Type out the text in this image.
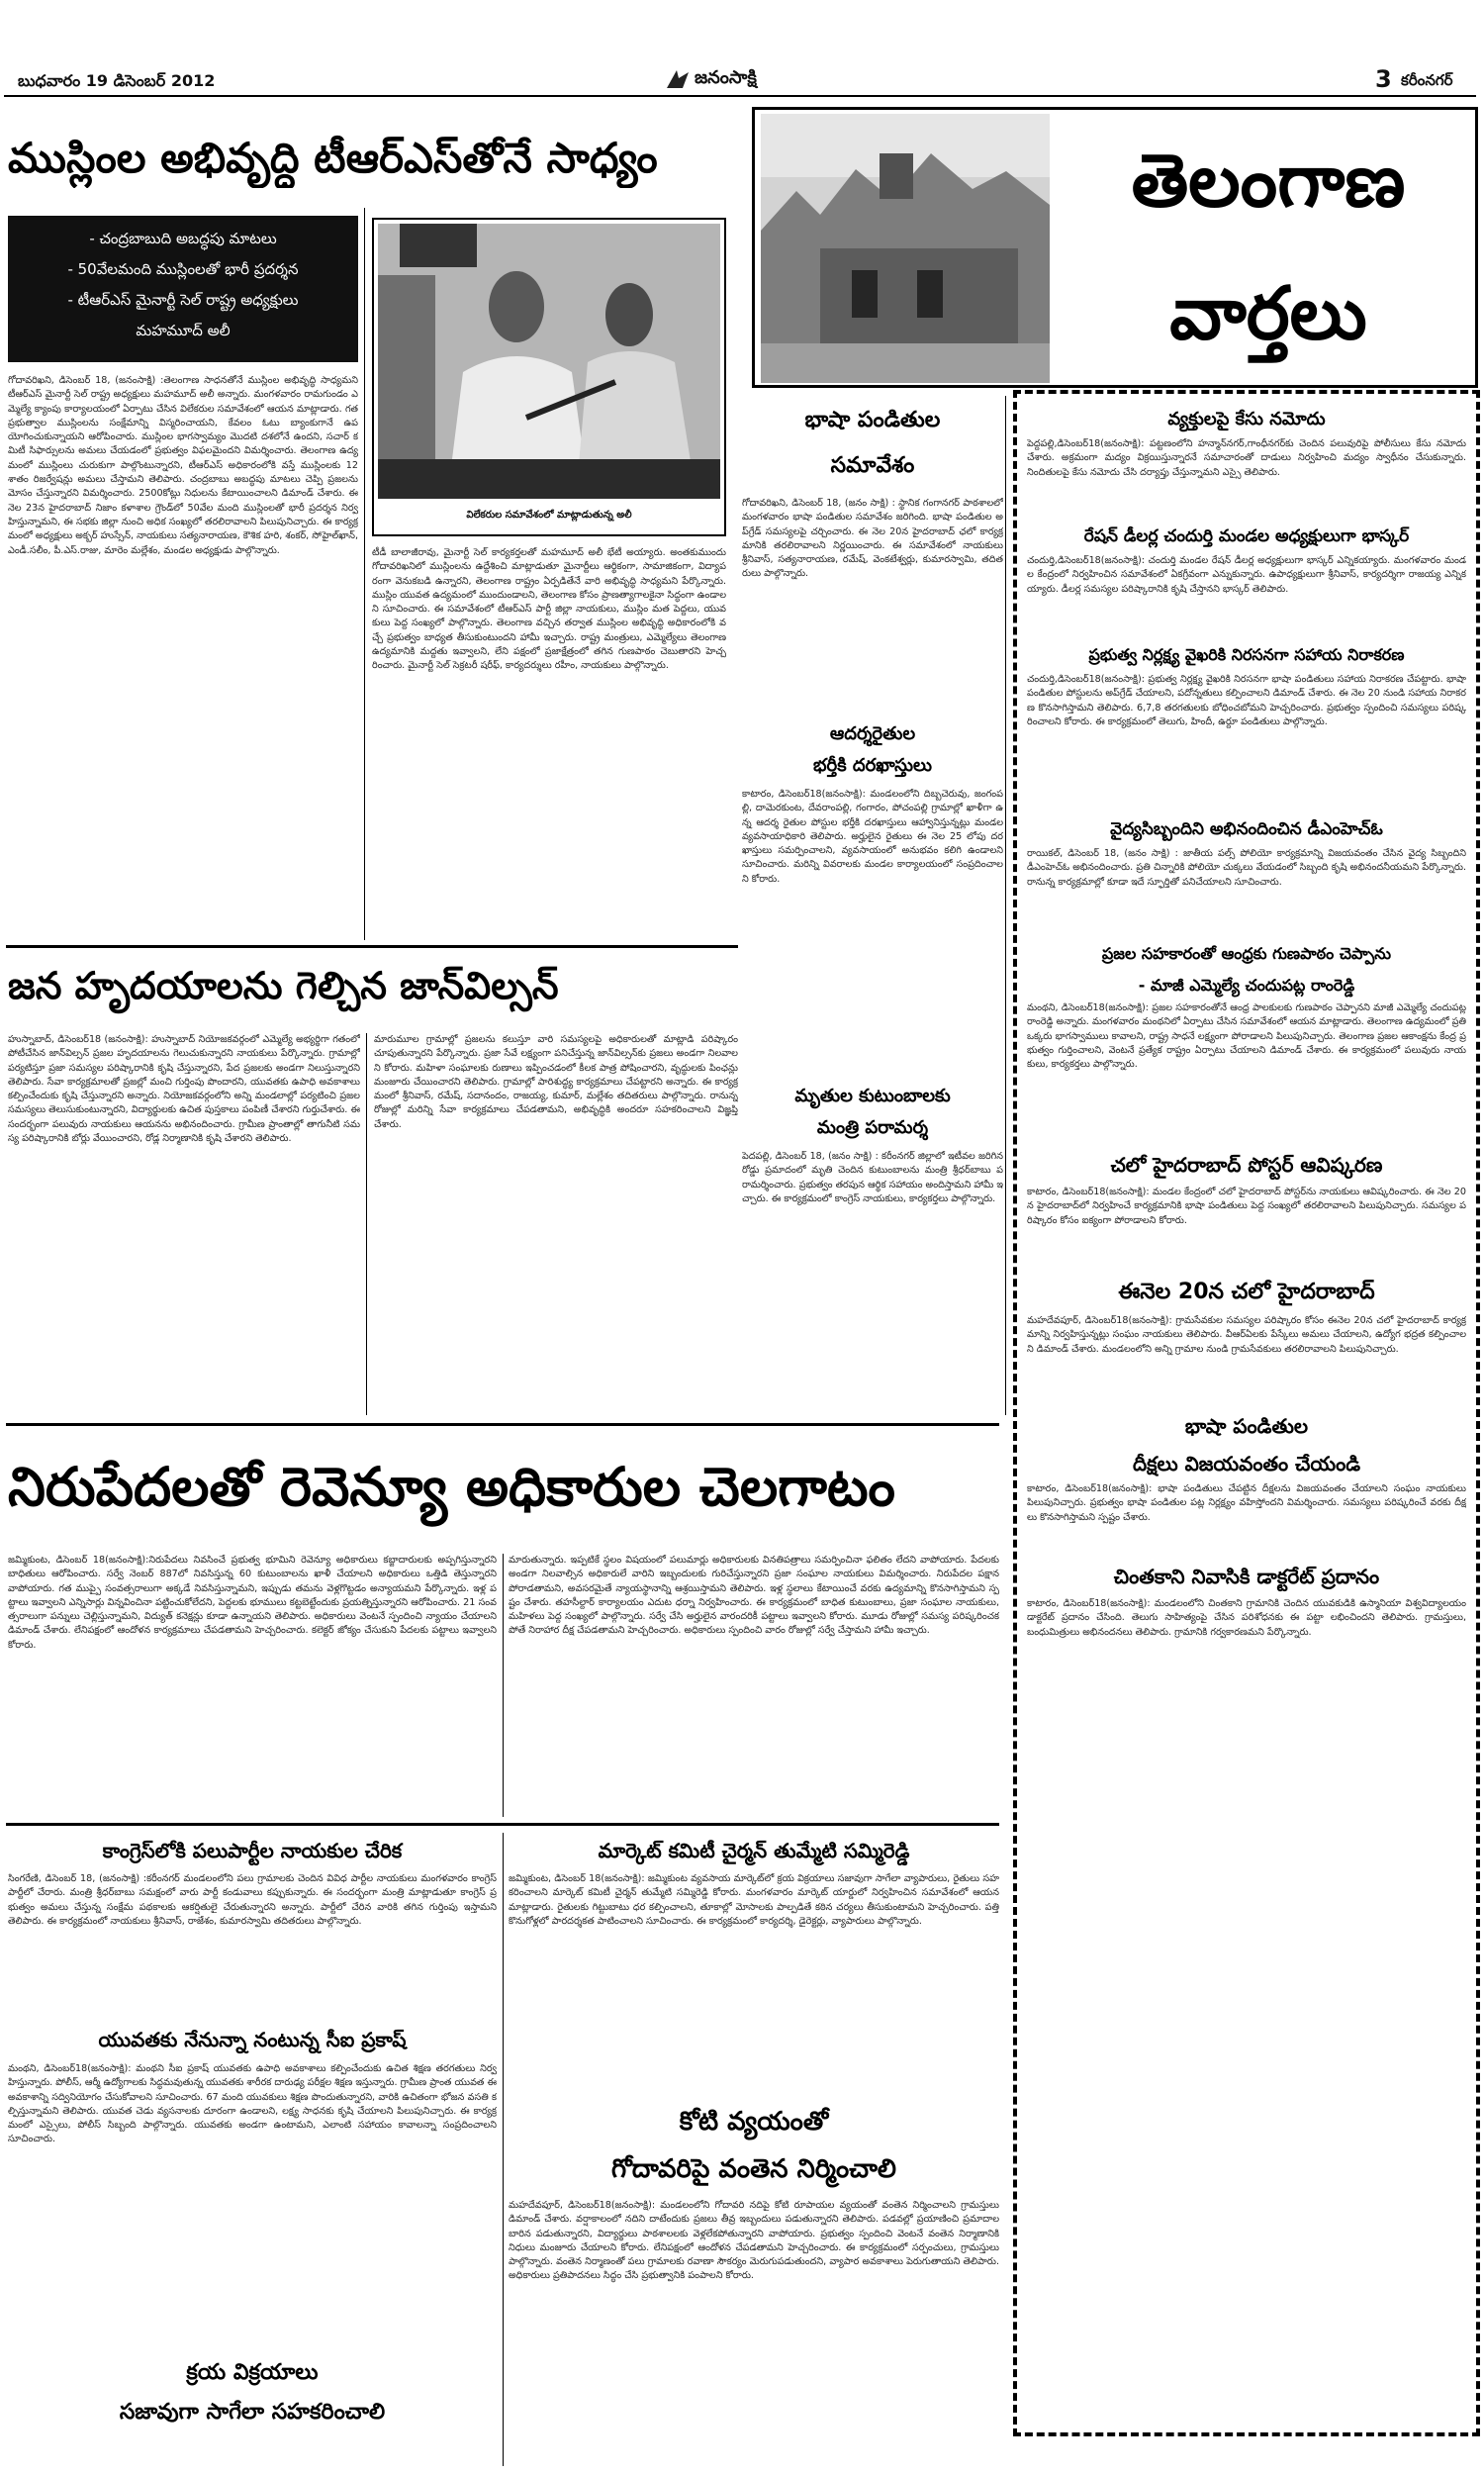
బుధవారం 19 డిసెంబర్ 2012	జనంసాక్షి	3 కరీంనగర్
ముస్లింల అభివృద్ధి టీఆర్‌ఎస్‌తోనే సాధ్యం
- చంద్రబాబుది అబద్ధపు మాటలు
- 50వేలమంది ముస్లింలతో భారీ ప్రదర్శన
- టీఆర్‌ఎస్ మైనార్టీ సెల్ రాష్ట్ర అధ్యక్షులు
మహమూద్ అలీ
విలేకరుల సమావేశంలో మాట్లాడుతున్న అలీ
గోదావరిఖని, డిసెంబర్ 18, (జనంసాక్షి) :తెలంగాణ సాధనతోనే ముస్లింల అభివృద్ధి సాధ్యమని టీఆర్‌ఎస్ మైనార్టీ సెల్ రాష్ట్ర అధ్యక్షులు మహమూద్ అలీ అన్నారు. మంగళవారం రామగుండం ఎమ్మెల్యే క్యాంపు కార్యాలయంలో ఏర్పాటు చేసిన విలేకరుల సమావేశంలో ఆయన మాట్లాడారు. గత ప్రభుత్వాల ముస్లింలను సంక్షేమాన్ని విస్మరించాయని, కేవలం ఓటు బ్యాంకుగానే ఉపయోగించుకున్నాయని ఆరోపించారు. ముస్లింల భాగస్వామ్యం మొదటి దశలోనే ఉందని, సచార్ కమిటీ సిఫార్సులను అమలు చేయడంలో ప్రభుత్వం విఫలమైందని విమర్శించారు. తెలంగాణ ఉద్యమంలో ముస్లింలు చురుకుగా పాల్గొంటున్నారని, టీఆర్‌ఎస్ అధికారంలోకి వస్తే ముస్లింలకు 12 శాతం రిజర్వేషన్లు అమలు చేస్తామని తెలిపారు. చంద్రబాబు అబద్ధపు మాటలు చెప్పి ప్రజలను మోసం చేస్తున్నారని విమర్శించారు. 2500కోట్లు నిధులను కేటాయించాలని డిమాండ్ చేశారు. ఈ నెల 23న హైదరాబాద్ నిజాం కళాశాల గ్రౌండ్‌లో 50వేల మంది ముస్లింలతో భారీ ప్రదర్శన నిర్వహిస్తున్నామని, ఈ సభకు జిల్లా నుంచి అధిక సంఖ్యలో తరలిరావాలని పిలుపునిచ్చారు. ఈ కార్యక్రమంలో అధ్యక్షులు అక్బర్ హుస్సేన్, నాయకులు సత్యనారాయణ, కౌశిక హరి, శంకర్, సోహైల్‌ఖాన్, ఎండీ.సలీం, పీ.ఎస్.రాజు, మారెం మల్లేశం, మండల అధ్యక్షుడు పాల్గొన్నారు.	టీడీ బాలాజీరావు, మైనార్టీ సెల్ కార్యకర్తలతో మహమూద్ అలీ భేటీ అయ్యారు. అంతకుముందు గోదావరిఖనిలో ముస్లింలను ఉద్దేశించి మాట్లాడుతూ మైనార్టీలు ఆర్థికంగా, సామాజికంగా, విద్యాపరంగా వెనుకబడి ఉన్నారని, తెలంగాణ రాష్ట్రం ఏర్పడితేనే వారి అభివృద్ధి సాధ్యమని పేర్కొన్నారు. ముస్లిం యువత ఉద్యమంలో ముందుండాలని, తెలంగాణ కోసం ప్రాణత్యాగాలకైనా సిద్ధంగా ఉండాలని సూచించారు. ఈ సమావేశంలో టీఆర్‌ఎస్ పార్టీ జిల్లా నాయకులు, ముస్లిం మత పెద్దలు, యువకులు పెద్ద సంఖ్యలో పాల్గొన్నారు. తెలంగాణ వచ్చిన తర్వాత ముస్లింల అభివృద్ధి అధికారంలోకి వచ్చే ప్రభుత్వం బాధ్యత తీసుకుంటుందని హామీ ఇచ్చారు. రాష్ట్ర మంత్రులు, ఎమ్మెల్యేలు తెలంగాణ ఉద్యమానికి మద్దతు ఇవ్వాలని, లేని పక్షంలో ప్రజాక్షేత్రంలో తగిన గుణపాఠం చెబుతారని హెచ్చరించారు. మైనార్టీ సెల్ సెక్రటరీ షరీఫ్, కార్యదర్శులు రహీం, నాయకులు పాల్గొన్నారు.
తెలంగాణ
వార్తలు
భాషా పండితుల
సమావేశం
గోదావరిఖని, డిసెంబర్ 18, (జనం సాక్షి) : స్థానిక గంగానగర్ పాఠశాలలో మంగళవారం భాషా పండితుల సమావేశం జరిగింది. భాషా పండితుల అప్‌గ్రేడ్ సమస్యలపై చర్చించారు. ఈ నెల 20న హైదరాబాద్ ఛలో కార్యక్రమానికి తరలిరావాలని నిర్ణయించారు. ఈ సమావేశంలో నాయకులు శ్రీనివాస్, సత్యనారాయణ, రమేష్, వెంకటేశ్వర్లు, కుమారస్వామి, తదితరులు పాల్గొన్నారు.
ఆదర్శరైతుల
భర్తీకి దరఖాస్తులు
కాటారం, డిసెంబర్18(జనంసాక్షి): మండలంలోని దిబ్బచెరువు, జంగంపల్లి, దామెరకుంట, దేవరాంపల్లి, గంగారం, పోచంపల్లి గ్రామాల్లో ఖాళీగా ఉన్న ఆదర్శ రైతుల పోస్టుల భర్తీకి దరఖాస్తులు ఆహ్వానిస్తున్నట్లు మండల వ్యవసాయాధికారి తెలిపారు. అర్హులైన రైతులు ఈ నెల 25 లోపు దరఖాస్తులు సమర్పించాలని, వ్యవసాయంలో అనుభవం కలిగి ఉండాలని సూచించారు. మరిన్ని వివరాలకు మండల కార్యాలయంలో సంప్రదించాలని కోరారు.
మృతుల కుటుంబాలకు
మంత్రి పరామర్శ
పెదపల్లి, డిసెంబర్ 18, (జనం సాక్షి) : కరీంనగర్ జిల్లాలో ఇటీవల జరిగిన రోడ్డు ప్రమాదంలో మృతి చెందిన కుటుంబాలను మంత్రి శ్రీధర్‌బాబు పరామర్శించారు. ప్రభుత్వం తరపున ఆర్థిక సహాయం అందిస్తామని హామీ ఇచ్చారు. ఈ కార్యక్రమంలో కాంగ్రెస్ నాయకులు, కార్యకర్తలు పాల్గొన్నారు.
జన హృదయాలను గెల్చిన జాన్‌విల్సన్
హుస్నాబాద్, డిసెంబర్18 (జనంసాక్షి): హుస్నాబాద్ నియోజకవర్గంలో ఎమ్మెల్యే అభ్యర్థిగా గతంలో పోటీచేసిన జాన్‌విల్సన్ ప్రజల హృదయాలను గెలుచుకున్నారని నాయకులు పేర్కొన్నారు. గ్రామాల్లో పర్యటిస్తూ ప్రజా సమస్యల పరిష్కారానికి కృషి చేస్తున్నారని, పేద ప్రజలకు అండగా నిలుస్తున్నారని తెలిపారు. సేవా కార్యక్రమాలతో ప్రజల్లో మంచి గుర్తింపు పొందారని, యువతకు ఉపాధి అవకాశాలు కల్పించేందుకు కృషి చేస్తున్నారని అన్నారు. నియోజకవర్గంలోని అన్ని మండలాల్లో పర్యటించి ప్రజల సమస్యలు తెలుసుకుంటున్నారని, విద్యార్థులకు ఉచిత పుస్తకాలు పంపిణీ చేశారని గుర్తుచేశారు. ఈ సందర్భంగా పలువురు నాయకులు ఆయనను అభినందించారు. గ్రామీణ ప్రాంతాల్లో తాగునీటి సమస్య పరిష్కారానికి బోర్లు వేయించారని, రోడ్ల నిర్మాణానికి కృషి చేశారని తెలిపారు.
మారుమూల గ్రామాల్లో ప్రజలను కలుస్తూ వారి సమస్యలపై అధికారులతో మాట్లాడి పరిష్కారం చూపుతున్నారని పేర్కొన్నారు. ప్రజా సేవే లక్ష్యంగా పనిచేస్తున్న జాన్‌విల్సన్‌కు ప్రజలు అండగా నిలవాలని కోరారు. మహిళా సంఘాలకు రుణాలు ఇప్పించడంలో కీలక పాత్ర పోషించారని, వృద్ధులకు పింఛన్లు మంజూరు చేయించారని తెలిపారు. గ్రామాల్లో పారిశుద్ధ్య కార్యక్రమాలు చేపట్టారని అన్నారు. ఈ కార్యక్రమంలో శ్రీనివాస్, రమేష్, సదానందం, రాజయ్య, కుమార్, మల్లేశం తదితరులు పాల్గొన్నారు. రానున్న రోజుల్లో మరిన్ని సేవా కార్యక్రమాలు చేపడతామని, అభివృద్ధికి అందరూ సహకరించాలని విజ్ఞప్తి చేశారు.
నిరుపేదలతో రెవెన్యూ అధికారుల చెలగాటం
జమ్మికుంట, డిసెంబర్ 18(జనంసాక్షి):నిరుపేదలు నివసించే ప్రభుత్వ భూమిని రెవెన్యూ అధికారులు కబ్జాదారులకు అప్పగిస్తున్నారని బాధితులు ఆరోపించారు. సర్వే నెంబర్ 887లో నివసిస్తున్న 60 కుటుంబాలను ఖాళీ చేయాలని అధికారులు ఒత్తిడి తెస్తున్నారని వాపోయారు. గత ముప్పై సంవత్సరాలుగా అక్కడే నివసిస్తున్నామని, ఇప్పుడు తమను వెళ్లగొట్టడం అన్యాయమని పేర్కొన్నారు. ఇళ్ల పట్టాలు ఇవ్వాలని ఎన్నిసార్లు విన్నవించినా పట్టించుకోలేదని, పెద్దలకు భూములు కట్టబెట్టేందుకు ప్రయత్నిస్తున్నారని ఆరోపించారు. 21 సంవత్సరాలుగా పన్నులు చెల్లిస్తున్నామని, విద్యుత్ కనెక్షన్లు కూడా ఉన్నాయని తెలిపారు. అధికారులు వెంటనే స్పందించి న్యాయం చేయాలని డిమాండ్ చేశారు. లేనిపక్షంలో ఆందోళన కార్యక్రమాలు చేపడతామని హెచ్చరించారు. కలెక్టర్ జోక్యం చేసుకుని పేదలకు పట్టాలు ఇవ్వాలని కోరారు.
మారుతున్నారు. ఇప్పటికే స్థలం విషయంలో పలుమార్లు అధికారులకు వినతిపత్రాలు సమర్పించినా ఫలితం లేదని వాపోయారు. పేదలకు అండగా నిలవాల్సిన అధికారులే వారిని ఇబ్బందులకు గురిచేస్తున్నారని ప్రజా సంఘాల నాయకులు విమర్శించారు. నిరుపేదల పక్షాన పోరాడతామని, అవసరమైతే న్యాయస్థానాన్ని ఆశ్రయిస్తామని తెలిపారు. ఇళ్ల స్థలాలు కేటాయించే వరకు ఉద్యమాన్ని కొనసాగిస్తామని స్పష్టం చేశారు. తహసీల్దార్ కార్యాలయం ఎదుట ధర్నా నిర్వహించారు. ఈ కార్యక్రమంలో బాధిత కుటుంబాలు, ప్రజా సంఘాల నాయకులు, మహిళలు పెద్ద సంఖ్యలో పాల్గొన్నారు. సర్వే చేసి అర్హులైన వారందరికీ పట్టాలు ఇవ్వాలని కోరారు. మూడు రోజుల్లో సమస్య పరిష్కరించకపోతే నిరాహార దీక్ష చేపడతామని హెచ్చరించారు. అధికారులు స్పందించి వారం రోజుల్లో సర్వే చేస్తామని హామీ ఇచ్చారు.
కాంగ్రెస్‌లోకి పలుపార్టీల నాయకుల చేరిక
సింగరేణి, డిసెంబర్ 18, (జనంసాక్షి) :కరీంనగర్ మండలంలోని పలు గ్రామాలకు చెందిన వివిధ పార్టీల నాయకులు మంగళవారం కాంగ్రెస్ పార్టీలో చేరారు. మంత్రి శ్రీధర్‌బాబు సమక్షంలో వారు పార్టీ కండువాలు కప్పుకున్నారు. ఈ సందర్భంగా మంత్రి మాట్లాడుతూ కాంగ్రెస్ ప్రభుత్వం అమలు చేస్తున్న సంక్షేమ పథకాలకు ఆకర్షితులై చేరుతున్నారని అన్నారు. పార్టీలో చేరిన వారికి తగిన గుర్తింపు ఇస్తామని తెలిపారు. ఈ కార్యక్రమంలో నాయకులు శ్రీనివాస్, రాజేశం, కుమారస్వామి తదితరులు పాల్గొన్నారు.
యువతకు నేనున్నా నంటున్న సీఐ ప్రకాష్
మంథని, డిసెంబర్18(జనంసాక్షి): మంథని సీఐ ప్రకాష్ యువతకు ఉపాధి అవకాశాలు కల్పించేందుకు ఉచిత శిక్షణ తరగతులు నిర్వహిస్తున్నారు. పోలీస్, ఆర్మీ ఉద్యోగాలకు సిద్ధమవుతున్న యువతకు శారీరక దారుఢ్య పరీక్షల శిక్షణ ఇస్తున్నారు. గ్రామీణ ప్రాంత యువత ఈ అవకాశాన్ని సద్వినియోగం చేసుకోవాలని సూచించారు. 67 మంది యువకులు శిక్షణ పొందుతున్నారని, వారికి ఉచితంగా భోజన వసతి కల్పిస్తున్నామని తెలిపారు. యువత చెడు వ్యసనాలకు దూరంగా ఉండాలని, లక్ష్య సాధనకు కృషి చేయాలని పిలుపునిచ్చారు. ఈ కార్యక్రమంలో ఎస్సైలు, పోలీస్ సిబ్బంది పాల్గొన్నారు. యువతకు అండగా ఉంటామని, ఎలాంటి సహాయం కావాలన్నా సంప్రదించాలని సూచించారు.
క్రయ విక్రయాలు
సజావుగా సాగేలా సహకరించాలి
మార్కెట్ కమిటీ చైర్మన్ తుమ్మేటి సమ్మిరెడ్డి
జమ్మికుంట, డిసెంబర్ 18(జనంసాక్షి): జమ్మికుంట వ్యవసాయ మార్కెట్‌లో క్రయ విక్రయాలు సజావుగా సాగేలా వ్యాపారులు, రైతులు సహకరించాలని మార్కెట్ కమిటీ చైర్మన్ తుమ్మేటి సమ్మిరెడ్డి కోరారు. మంగళవారం మార్కెట్ యార్డులో నిర్వహించిన సమావేశంలో ఆయన మాట్లాడారు. రైతులకు గిట్టుబాటు ధర కల్పించాలని, తూకాల్లో మోసాలకు పాల్పడితే కఠిన చర్యలు తీసుకుంటామని హెచ్చరించారు. పత్తి కొనుగోళ్లలో పారదర్శకత పాటించాలని సూచించారు. ఈ కార్యక్రమంలో కార్యదర్శి, డైరెక్టర్లు, వ్యాపారులు పాల్గొన్నారు.
కోటి వ్యయంతో
గోదావరిపై వంతెన నిర్మించాలి
మహదేవపూర్, డిసెంబర్18(జనంసాక్షి): మండలంలోని గోదావరి నదిపై కోటి రూపాయల వ్యయంతో వంతెన నిర్మించాలని గ్రామస్తులు డిమాండ్ చేశారు. వర్షాకాలంలో నదిని దాటేందుకు ప్రజలు తీవ్ర ఇబ్బందులు పడుతున్నారని తెలిపారు. పడవల్లో ప్రయాణించి ప్రమాదాల బారిన పడుతున్నారని, విద్యార్థులు పాఠశాలలకు వెళ్లలేకపోతున్నారని వాపోయారు. ప్రభుత్వం స్పందించి వెంటనే వంతెన నిర్మాణానికి నిధులు మంజూరు చేయాలని కోరారు. లేనిపక్షంలో ఆందోళన చేపడతామని హెచ్చరించారు. ఈ కార్యక్రమంలో సర్పంచులు, గ్రామస్తులు పాల్గొన్నారు. వంతెన నిర్మాణంతో పలు గ్రామాలకు రవాణా సౌకర్యం మెరుగుపడుతుందని, వ్యాపార అవకాశాలు పెరుగుతాయని తెలిపారు. అధికారులు ప్రతిపాదనలు సిద్ధం చేసి ప్రభుత్వానికి పంపాలని కోరారు.
వ్యక్తులపై కేసు నమోదు
పెద్దపల్లి,డిసెంబర్18(జనంసాక్షి): పట్టణంలోని హన్మాన్‌నగర్,గాంధీనగర్‌కు చెందిన పలువురిపై పోలీసులు కేసు నమోదు చేశారు. అక్రమంగా మద్యం విక్రయిస్తున్నారనే సమాచారంతో దాడులు నిర్వహించి మద్యం స్వాధీనం చేసుకున్నారు. నిందితులపై కేసు నమోదు చేసి దర్యాప్తు చేస్తున్నామని ఎస్సై తెలిపారు.
రేషన్ డీలర్ల చందుర్తి మండల అధ్యక్షులుగా భాస్కర్
చందుర్తి,డిసెంబర్18(జనంసాక్షి): చందుర్తి మండల రేషన్ డీలర్ల అధ్యక్షులుగా భాస్కర్ ఎన్నికయ్యారు. మంగళవారం మండల కేంద్రంలో నిర్వహించిన సమావేశంలో ఏకగ్రీవంగా ఎన్నుకున్నారు. ఉపాధ్యక్షులుగా శ్రీనివాస్, కార్యదర్శిగా రాజయ్య ఎన్నికయ్యారు. డీలర్ల సమస్యల పరిష్కారానికి కృషి చేస్తానని భాస్కర్ తెలిపారు.
ప్రభుత్వ నిర్లక్ష్య వైఖరికి నిరసనగా సహాయ నిరాకరణ
చందుర్తి,డిసెంబర్18(జనంసాక్షి): ప్రభుత్వ నిర్లక్ష్య వైఖరికి నిరసనగా భాషా పండితులు సహాయ నిరాకరణ చేపట్టారు. భాషా పండితుల పోస్టులను అప్‌గ్రేడ్ చేయాలని, పదోన్నతులు కల్పించాలని డిమాండ్ చేశారు. ఈ నెల 20 నుండి సహాయ నిరాకరణ కొనసాగిస్తామని తెలిపారు. 6,7,8 తరగతులకు బోధించబోమని హెచ్చరించారు. ప్రభుత్వం స్పందించి సమస్యలు పరిష్కరించాలని కోరారు. ఈ కార్యక్రమంలో తెలుగు, హిందీ, ఉర్దూ పండితులు పాల్గొన్నారు.
వైద్యసిబ్బందిని అభినందించిన డీఎంహెచ్‌ఓ
రాయికల్, డిసెంబర్ 18, (జనం సాక్షి) : జాతీయ పల్స్ పోలియో కార్యక్రమాన్ని విజయవంతం చేసిన వైద్య సిబ్బందిని డీఎంహెచ్‌ఓ అభినందించారు. ప్రతి చిన్నారికి పోలియో చుక్కలు వేయడంలో సిబ్బంది కృషి అభినందనీయమని పేర్కొన్నారు. రానున్న కార్యక్రమాల్లో కూడా ఇదే స్ఫూర్తితో పనిచేయాలని సూచించారు.
ప్రజల సహకారంతో ఆంధ్రకు గుణపాఠం చెప్పాను
- మాజీ ఎమ్మెల్యే చందుపట్ల రాంరెడ్డి
మంథని, డిసెంబర్18(జనంసాక్షి): ప్రజల సహకారంతోనే ఆంధ్ర పాలకులకు గుణపాఠం చెప్పానని మాజీ ఎమ్మెల్యే చందుపట్ల రాంరెడ్డి అన్నారు. మంగళవారం మంథనిలో ఏర్పాటు చేసిన సమావేశంలో ఆయన మాట్లాడారు. తెలంగాణ ఉద్యమంలో ప్రతి ఒక్కరు భాగస్వాములు కావాలని, రాష్ట్ర సాధనే లక్ష్యంగా పోరాడాలని పిలుపునిచ్చారు. తెలంగాణ ప్రజల ఆకాంక్షను కేంద్ర ప్రభుత్వం గుర్తించాలని, వెంటనే ప్రత్యేక రాష్ట్రం ఏర్పాటు చేయాలని డిమాండ్ చేశారు. ఈ కార్యక్రమంలో పలువురు నాయకులు, కార్యకర్తలు పాల్గొన్నారు.
చలో హైదరాబాద్ పోస్టర్ ఆవిష్కరణ
కాటారం, డిసెంబర్18(జనంసాక్షి): మండల కేంద్రంలో చలో హైదరాబాద్ పోస్టర్‌ను నాయకులు ఆవిష్కరించారు. ఈ నెల 20న హైదరాబాద్‌లో నిర్వహించే కార్యక్రమానికి భాషా పండితులు పెద్ద సంఖ్యలో తరలిరావాలని పిలుపునిచ్చారు. సమస్యల పరిష్కారం కోసం ఐక్యంగా పోరాడాలని కోరారు.
ఈనెల 20న చలో హైదరాబాద్
మహదేవపూర్, డిసెంబర్18(జనంసాక్షి): గ్రామసేవకుల సమస్యల పరిష్కారం కోసం ఈనెల 20న చలో హైదరాబాద్ కార్యక్రమాన్ని నిర్వహిస్తున్నట్లు సంఘం నాయకులు తెలిపారు. వీఆర్‌ఏలకు పేస్కేలు అమలు చేయాలని, ఉద్యోగ భద్రత కల్పించాలని డిమాండ్ చేశారు. మండలంలోని అన్ని గ్రామాల నుండి గ్రామసేవకులు తరలిరావాలని పిలుపునిచ్చారు.
భాషా పండితుల
దీక్షలు విజయవంతం చేయండి
కాటారం, డిసెంబర్18(జనంసాక్షి): భాషా పండితులు చేపట్టిన దీక్షలను విజయవంతం చేయాలని సంఘం నాయకులు పిలుపునిచ్చారు. ప్రభుత్వం భాషా పండితుల పట్ల నిర్లక్ష్యం వహిస్తోందని విమర్శించారు. సమస్యలు పరిష్కరించే వరకు దీక్షలు కొనసాగిస్తామని స్పష్టం చేశారు.
చింతకాని నివాసికి డాక్టరేట్ ప్రదానం
కాటారం, డిసెంబర్18(జనంసాక్షి): మండలంలోని చింతకాని గ్రామానికి చెందిన యువకుడికి ఉస్మానియా విశ్వవిద్యాలయం డాక్టరేట్ ప్రదానం చేసింది. తెలుగు సాహిత్యంపై చేసిన పరిశోధనకు ఈ పట్టా లభించిందని తెలిపారు. గ్రామస్తులు, బంధుమిత్రులు అభినందనలు తెలిపారు. గ్రామానికి గర్వకారణమని పేర్కొన్నారు.
